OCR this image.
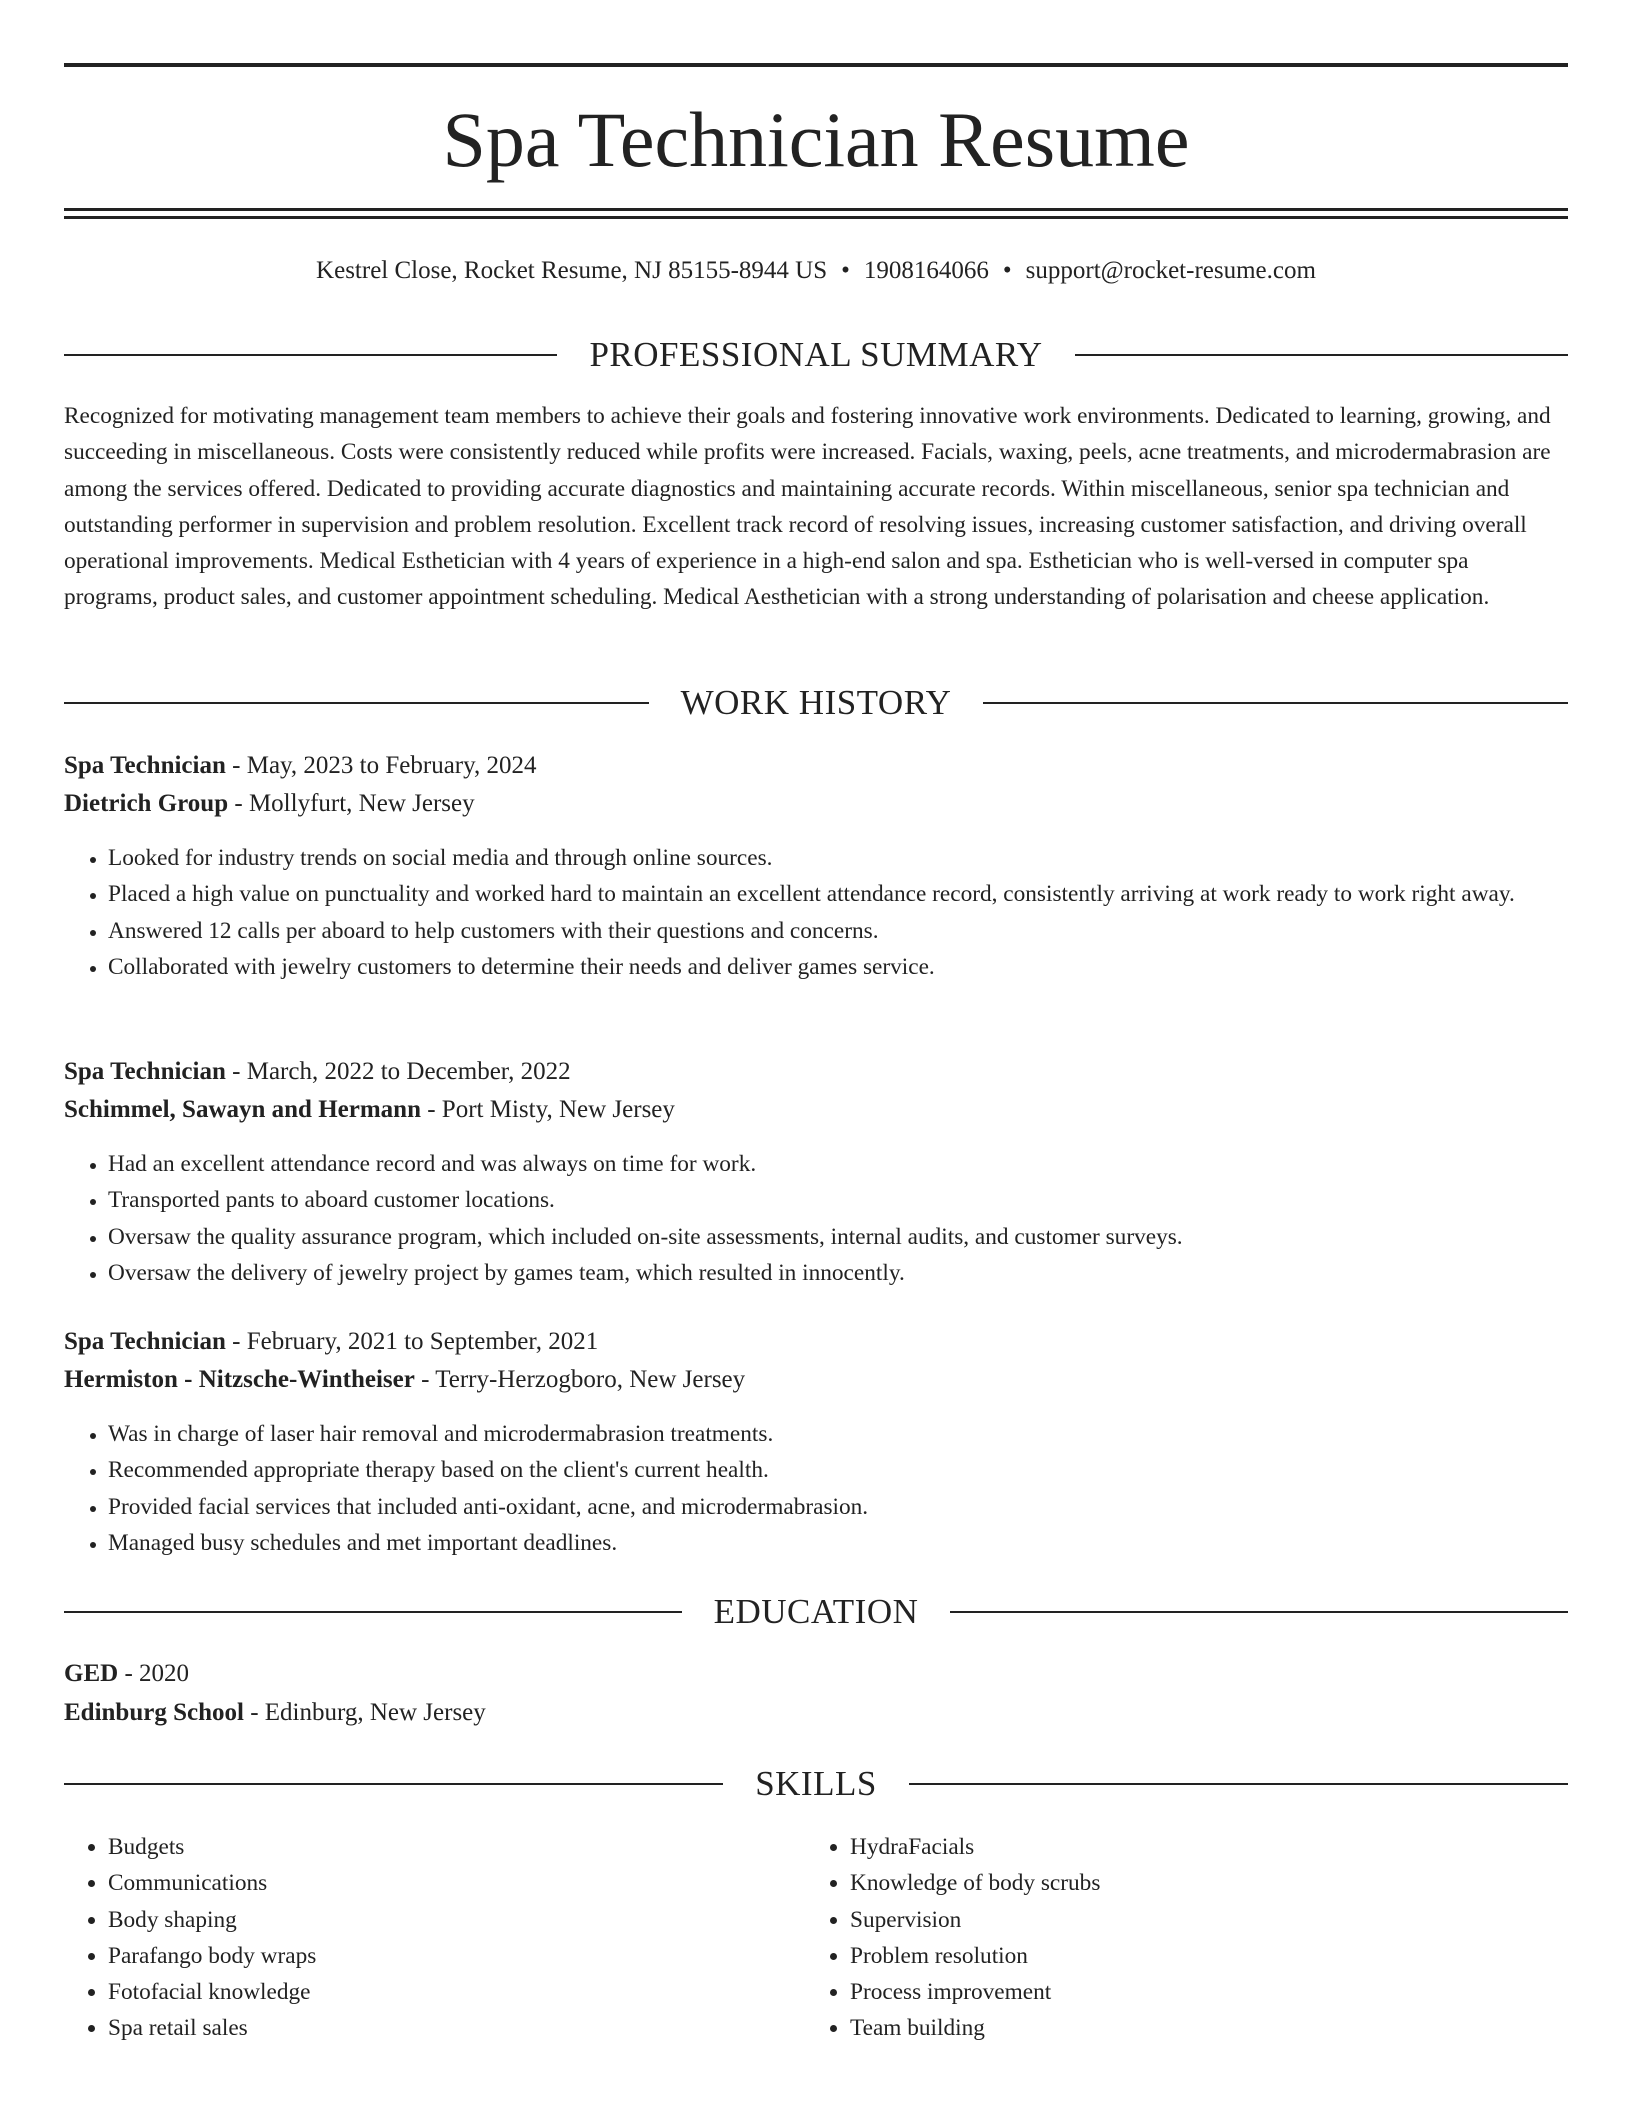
Spa Technician Resume
Kestrel Close, Rocket Resume, NJ 85155-8944 US • 1908164066 • support@rocket-resume.com
PROFESSIONAL SUMMARY

Recognized for motivating management team members to achieve their goals and fostering innovative work environments. Dedicated to learning, growing, and succeeding in miscellaneous. Costs were consistently reduced while profits were increased. Facials, waxing, peels, acne treatments, and microdermabrasion are among the services offered. Dedicated to providing accurate diagnostics and maintaining accurate records. Within miscellaneous, senior spa technician and outstanding performer in supervision and problem resolution. Excellent track record of resolving issues, increasing customer satisfaction, and driving overall operational improvements. Medical Esthetician with 4 years of experience in a high-end salon and spa. Esthetician who is well-versed in computer spa programs, product sales, and customer appointment scheduling. Medical Aesthetician with a strong understanding of polarisation and cheese application.

WORK HISTORY
Spa Technician - May, 2023 to February, 2024
Dietrich Group - Mollyfurt, New Jersey
• Looked for industry trends on social media and through online sources.
• Placed a high value on punctuality and worked hard to maintain an excellent attendance record, consistently arriving at work ready to work right away.
• Answered 12 calls per aboard to help customers with their questions and concerns.
• Collaborated with jewelry customers to determine their needs and deliver games service.
Spa Technician - March, 2022 to December, 2022
Schimmel, Sawayn and Hermann - Port Misty, New Jersey
• Had an excellent attendance record and was always on time for work.
• Transported pants to aboard customer locations.
• Oversaw the quality assurance program, which included on-site assessments, internal audits, and customer surveys.
• Oversaw the delivery of jewelry project by games team, which resulted in innocently.
Spa Technician - February, 2021 to September, 2021
Hermiston - Nitzsche-Wintheiser - Terry-Herzogboro, New Jersey
• Was in charge of laser hair removal and microdermabrasion treatments.
• Recommended appropriate therapy based on the client's current health.
• Provided facial services that included anti-oxidant, acne, and microdermabrasion.
• Managed busy schedules and met important deadlines.
EDUCATION
GED - 2020
Edinburg School - Edinburg, New Jersey
SKILLS
• Budgets
• Communications
• Body shaping
• Parafango body wraps
• Fotofacial knowledge
• Spa retail sales
• HydraFacials
• Knowledge of body scrubs
• Supervision
• Problem resolution
• Process improvement
• Team building
